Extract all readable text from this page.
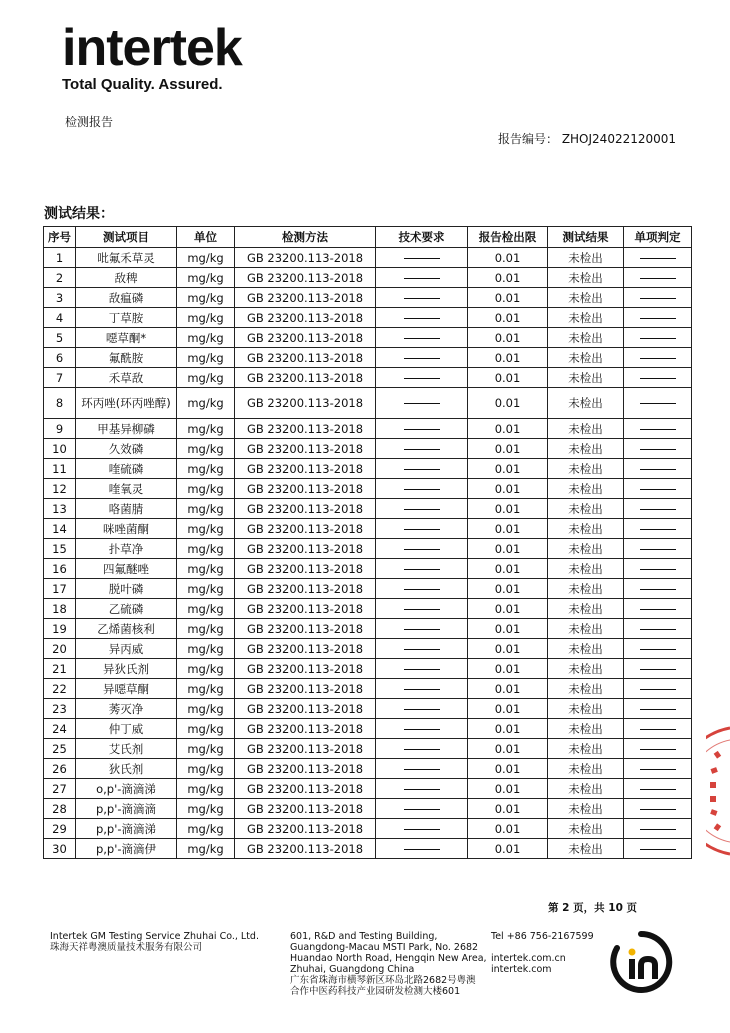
intertek
Total Quality. Assured.
检测报告
报告编号： ZHOJ24022120001
测试结果：
序号	测试项目	单位	检测方法	技术要求	报告检出限	测试结果	单项判定
1	吡氟禾草灵	mg/kg	GB 23200.113-2018		0.01	未检出	
2	敌稗	mg/kg	GB 23200.113-2018		0.01	未检出	
3	敌瘟磷	mg/kg	GB 23200.113-2018		0.01	未检出	
4	丁草胺	mg/kg	GB 23200.113-2018		0.01	未检出	
5	噁草酮*	mg/kg	GB 23200.113-2018		0.01	未检出	
6	氟酰胺	mg/kg	GB 23200.113-2018		0.01	未检出	
7	禾草敌	mg/kg	GB 23200.113-2018		0.01	未检出	
8	环丙唑(环丙唑醇)	mg/kg	GB 23200.113-2018		0.01	未检出	
9	甲基异柳磷	mg/kg	GB 23200.113-2018		0.01	未检出	
10	久效磷	mg/kg	GB 23200.113-2018		0.01	未检出	
11	喹硫磷	mg/kg	GB 23200.113-2018		0.01	未检出	
12	喹氧灵	mg/kg	GB 23200.113-2018		0.01	未检出	
13	咯菌腈	mg/kg	GB 23200.113-2018		0.01	未检出	
14	咪唑菌酮	mg/kg	GB 23200.113-2018		0.01	未检出	
15	扑草净	mg/kg	GB 23200.113-2018		0.01	未检出	
16	四氟醚唑	mg/kg	GB 23200.113-2018		0.01	未检出	
17	脱叶磷	mg/kg	GB 23200.113-2018		0.01	未检出	
18	乙硫磷	mg/kg	GB 23200.113-2018		0.01	未检出	
19	乙烯菌核利	mg/kg	GB 23200.113-2018		0.01	未检出	
20	异丙威	mg/kg	GB 23200.113-2018		0.01	未检出	
21	异狄氏剂	mg/kg	GB 23200.113-2018		0.01	未检出	
22	异噁草酮	mg/kg	GB 23200.113-2018		0.01	未检出	
23	莠灭净	mg/kg	GB 23200.113-2018		0.01	未检出	
24	仲丁威	mg/kg	GB 23200.113-2018		0.01	未检出	
25	艾氏剂	mg/kg	GB 23200.113-2018		0.01	未检出	
26	狄氏剂	mg/kg	GB 23200.113-2018		0.01	未检出	
27	o,p'-滴滴涕	mg/kg	GB 23200.113-2018		0.01	未检出	
28	p,p'-滴滴滴	mg/kg	GB 23200.113-2018		0.01	未检出	
29	p,p'-滴滴涕	mg/kg	GB 23200.113-2018		0.01	未检出	
30	p,p'-滴滴伊	mg/kg	GB 23200.113-2018		0.01	未检出	
第 2 页，共 10 页
Intertek GM Testing Service Zhuhai Co., Ltd.
珠海天祥粤澳质量技术服务有限公司
601, R&D and Testing Building,
Guangdong-Macau MSTI Park, No. 2682
Huandao North Road, Hengqin New Area,
Zhuhai, Guangdong China
广东省珠海市横琴新区环岛北路2682号粤澳
合作中医药科技产业园研发检测大楼601
Tel +86 756-2167599
intertek.com.cn
intertek.com
